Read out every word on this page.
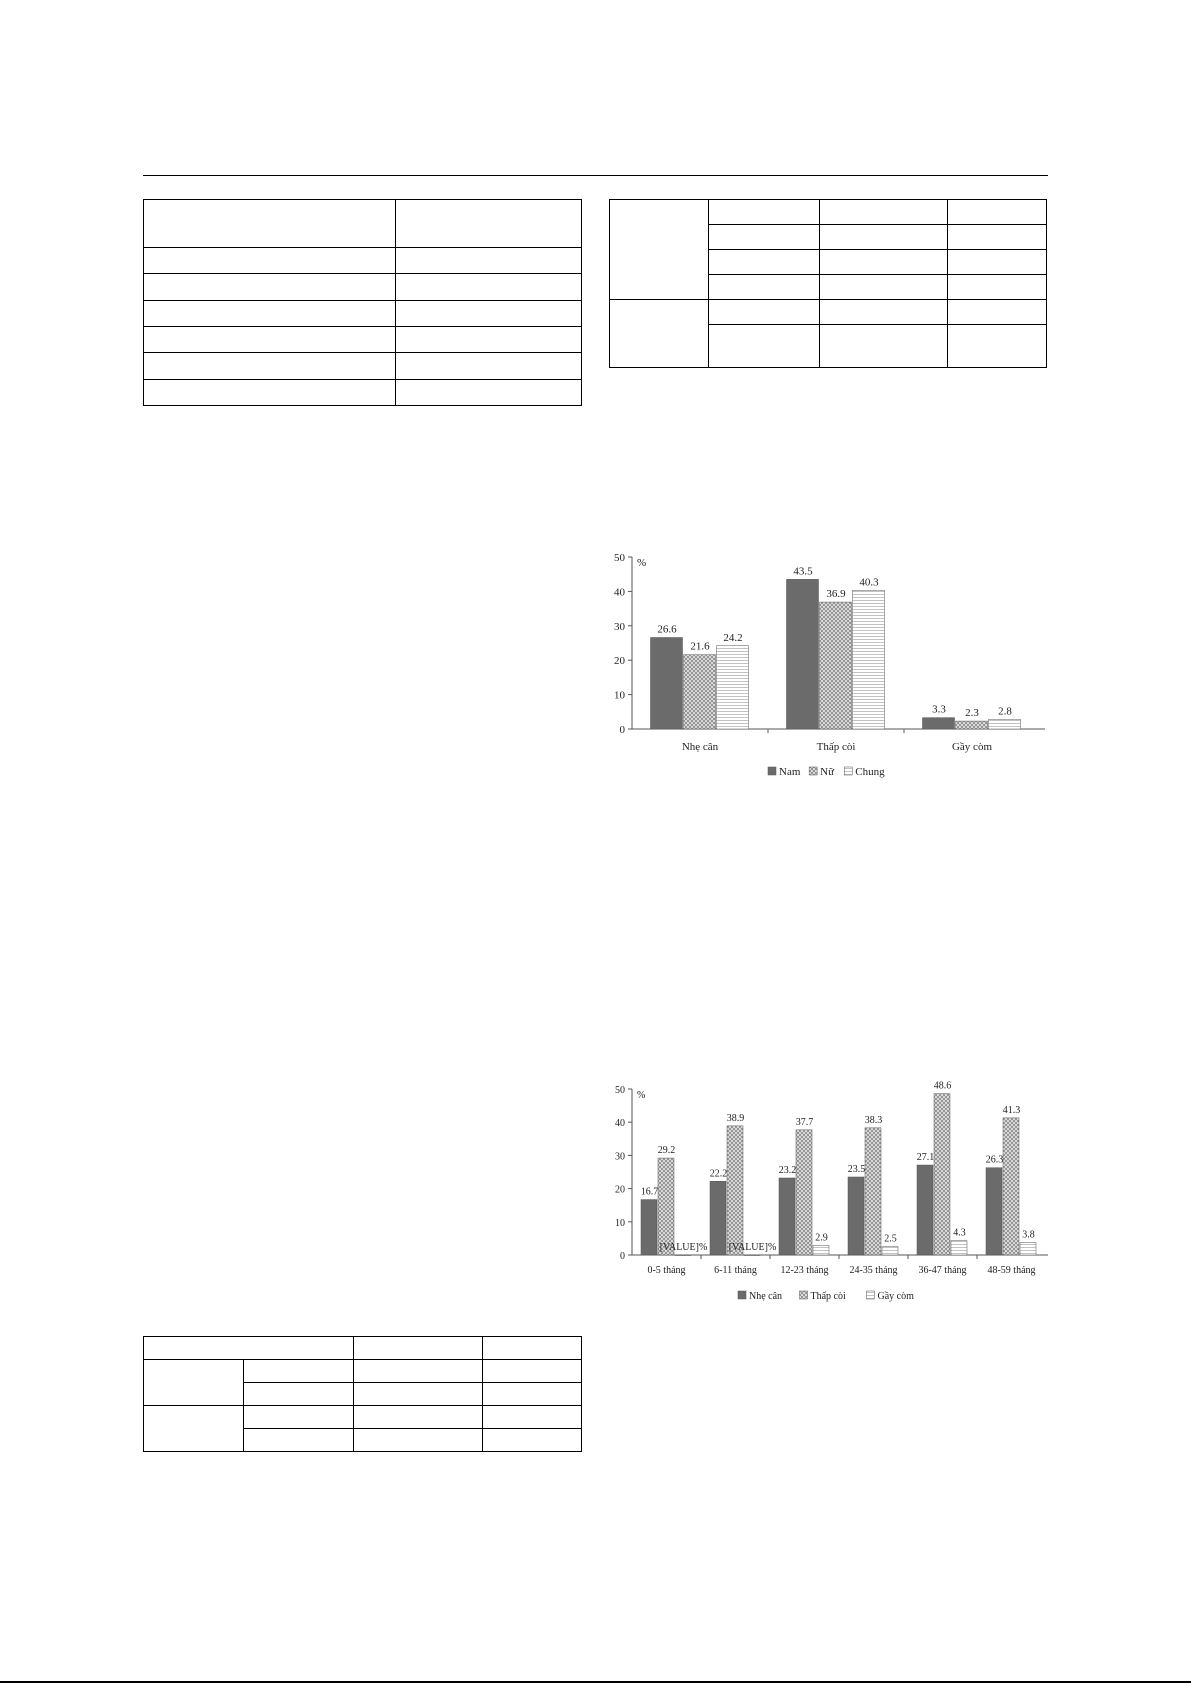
0
10
20
30
40
50 %
26.6
21.6
24.2
Nhẹ cân
43.5
36.9
40.3
Thấp còi
3.3 2.3 2.8
Gầy còm
Nam Nữ Chung
0
10
20
30
40
50 %
16.7
29.2
[VALUE]%
0-5 tháng
22.2
38.9
[VALUE]%
6-11 tháng
23.2
37.7
2.9
12-23 tháng
23.5
38.3
2.5
24-35 tháng
27.1
48.6
4.3
36-47 tháng
26.3
41.3
3.8
48-59 tháng
Nhẹ cân	Thấp còi	Gầy còm
